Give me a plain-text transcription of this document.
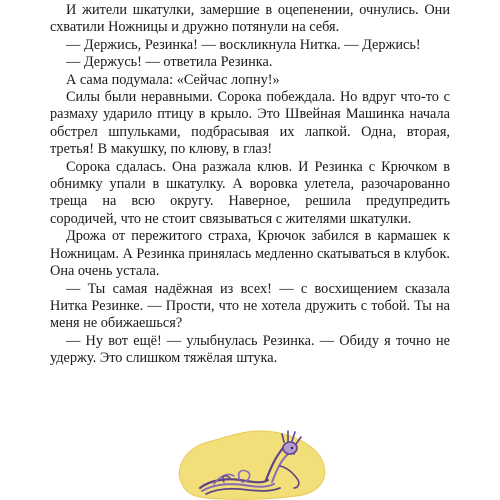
И жители шкатулки, замершие в оцепенении, очнулись. Они схватили Ножницы и дружно потянули на себя.

— Держись, Резинка! — воскликнула Нитка. — Держись!

— Держусь! — ответила Резинка.

А сама подумала: «Сейчас лопну!»

Силы были неравными. Сорока побеждала. Но вдруг что-то с размаху ударило птицу в крыло. Это Швейная Машинка начала обстрел шпульками, подбрасывая их лапкой. Одна, вторая, третья! В макушку, по клюву, в глаз!

Сорока сдалась. Она разжала клюв. И Резинка с Крючком в обнимку упали в шкатулку. А воровка улетела, разочарованно треща на всю округу. Наверное, решила предупредить сородичей, что не стоит связываться с жителями шкатулки.

Дрожа от пережитого страха, Крючок забился в кармашек к Ножницам. А Резинка принялась медленно скатываться в клубок. Она очень устала.

— Ты самая надёжная из всех! — с восхищением сказала Нитка Резинке. — Прости, что не хотела дружить с тобой. Ты на меня не обижаешься?

— Ну вот ещё! — улыбнулась Резинка. — Обиду я точно не удержу. Это слишком тяжёлая штука.
